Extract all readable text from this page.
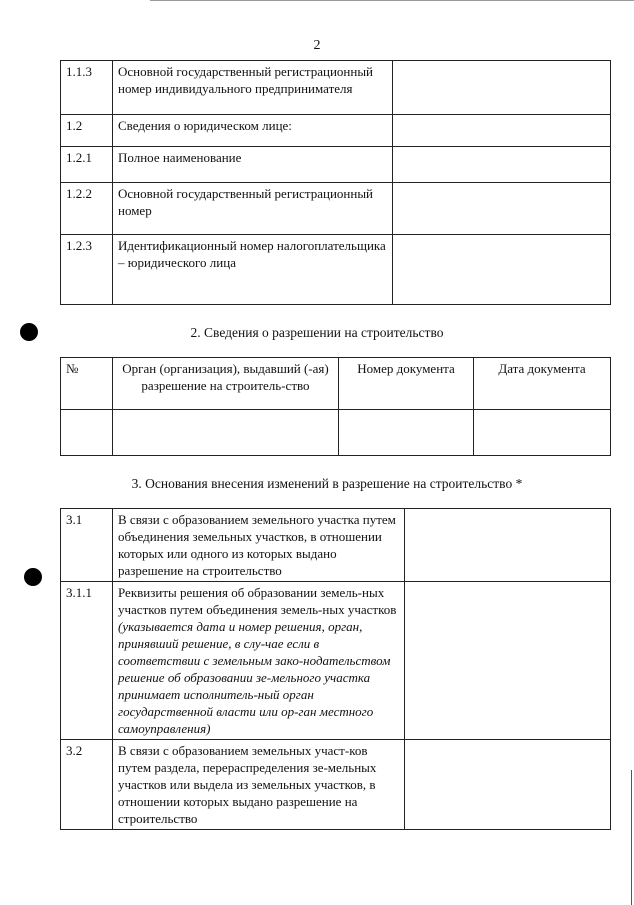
2
1.1.3	Основной государственный регистрационный номер индивидуального предпринимателя	
1.2	Сведения о юридическом лице:	
1.2.1	Полное наименование	
1.2.2	Основной государственный регистрационный номер	
1.2.3	Идентификационный номер налогоплательщика – юридического лица	
2. Сведения о разрешении на строительство
№	Орган (организация), выдавший (-ая) разрешение на строитель-ство	Номер документа	Дата документа

3. Основания внесения изменений в разрешение на строительство *
3.1	В связи с образованием земельного участка путем объединения земельных участков, в отношении которых или одного из которых выдано разрешение на строительство	
3.1.1	Реквизиты решения об образовании земель-ных участков путем объединения земель-ных участков (указывается дата и номер решения, орган, принявший решение, в слу-чае если в соответствии с земельным зако-нодательством решение об образовании зе-мельного участка принимает исполнитель-ный орган государственной власти или ор-ган местного самоуправления)	
3.2	В связи с образованием земельных участ-ков путем раздела, перераспределения зе-мельных участков или выдела из земельных участков, в отношении которых выдано разрешение на строительство	
